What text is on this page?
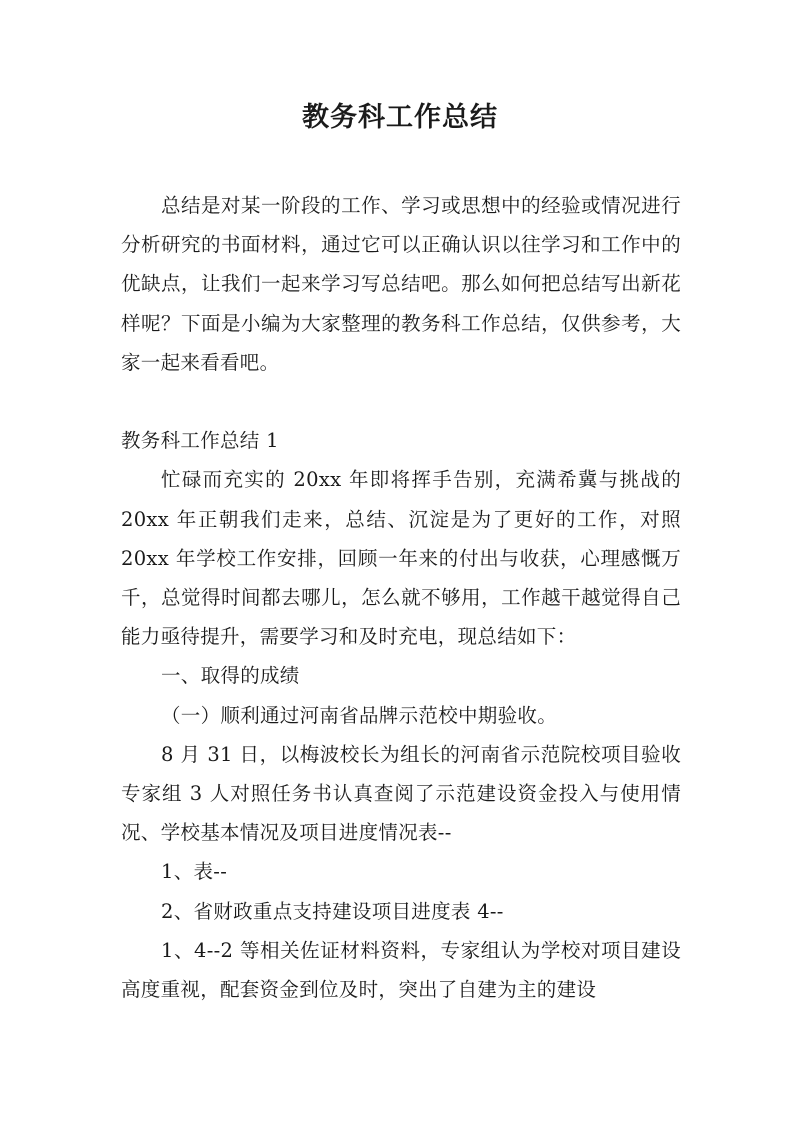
教务科工作总结

总结是对某一阶段的工作、学习或思想中的经验或情况进行分析研究的书面材料，通过它可以正确认识以往学习和工作中的优缺点，让我们一起来学习写总结吧。那么如何把总结写出新花样呢？下面是小编为大家整理的教务科工作总结，仅供参考，大家一起来看看吧。

教务科工作总结 1

忙碌而充实的 20xx 年即将挥手告别，充满希冀与挑战的 20xx 年正朝我们走来，总结、沉淀是为了更好的工作，对照 20xx 年学校工作安排，回顾一年来的付出与收获，心理感慨万千，总觉得时间都去哪儿，怎么就不够用，工作越干越觉得自己能力亟待提升，需要学习和及时充电，现总结如下：

一、取得的成绩

（一）顺利通过河南省品牌示范校中期验收。

8 月 31 日，以梅波校长为组长的河南省示范院校项目验收专家组 3 人对照任务书认真查阅了示范建设资金投入与使用情况、学校基本情况及项目进度情况表--

1、表--

2、省财政重点支持建设项目进度表 4--

1、4--2 等相关佐证材料资料，专家组认为学校对项目建设高度重视，配套资金到位及时，突出了自建为主的建设
